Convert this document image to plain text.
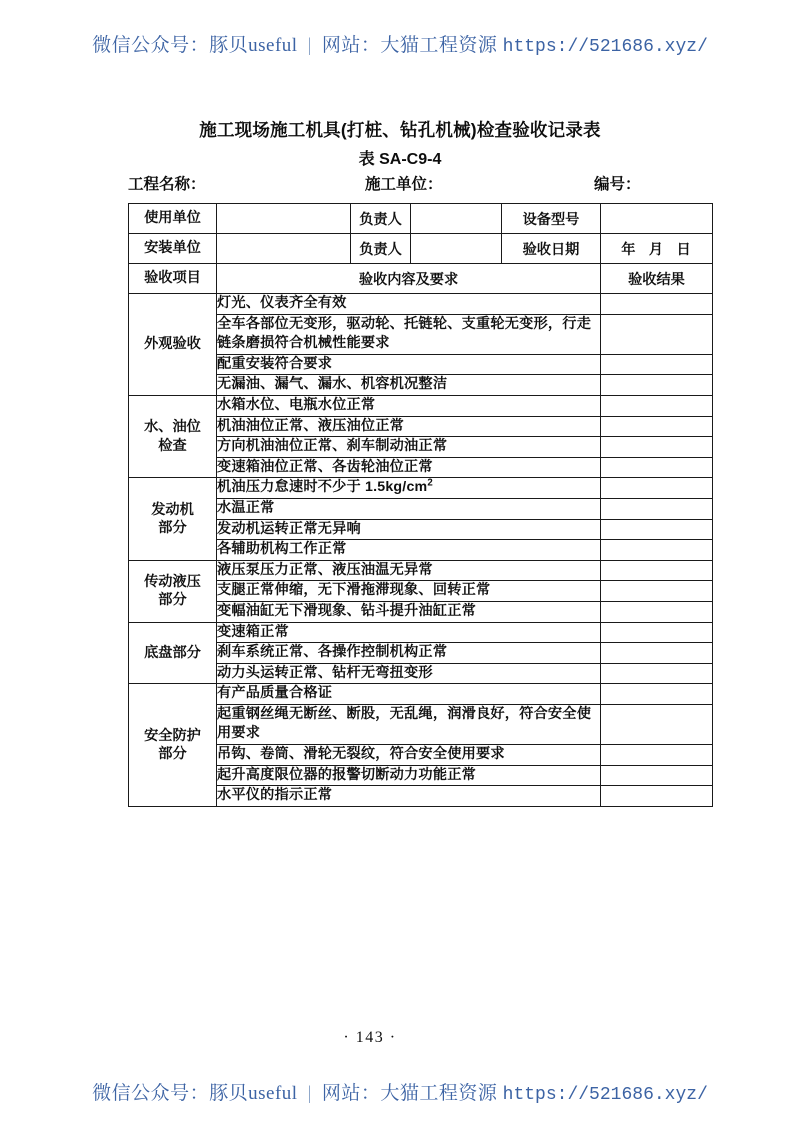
微信公众号：豚贝useful | 网站：大猫工程资源 https://521686.xyz/
施工现场施工机具(打桩、钻孔机械)检查验收记录表
表 SA-C9-4
工程名称：	施工单位：	编号：
使用单位		负责人		设备型号	
安装单位		负责人		验收日期	年 月 日

验收项目	验收内容及要求				验收结果

外观验收	灯光、仪表齐全有效				
	全车各部位无变形，驱动轮、托链轮、支重轮无变形，行走链条磨损符合机械性能要求				
	配重安装符合要求				
	无漏油、漏气、漏水、机容机况整洁				

水、油位
检查	水箱水位、电瓶水位正常				
	机油油位正常、液压油位正常				
	方向机油油位正常、刹车制动油正常				
	变速箱油位正常、各齿轮油位正常				

发动机
部分	机油压力怠速时不少于 $1.5kg/cm^2$	
	水温正常				
	发动机运转正常无异响				
	各辅助机构工作正常				

传动液压
部分	液压泵压力正常、液压油温无异常				
	支腿正常伸缩，无下滑拖滞现象、回转正常				
	变幅油缸无下滑现象、钻斗提升油缸正常				

底盘部分	变速箱正常				
	刹车系统正常、各操作控制机构正常				
	动力头运转正常、钻杆无弯扭变形				

安全防护
部分	有产品质量合格证				
	起重钢丝绳无断丝、断股，无乱绳，润滑良好，符合安全使用要求				
	吊钩、卷筒、滑轮无裂纹，符合安全使用要求				
	起升高度限位器的报警切断动力功能正常				
	水平仪的指示正常				
· 143 ·
微信公众号：豚贝useful | 网站：大猫工程资源 https://521686.xyz/
